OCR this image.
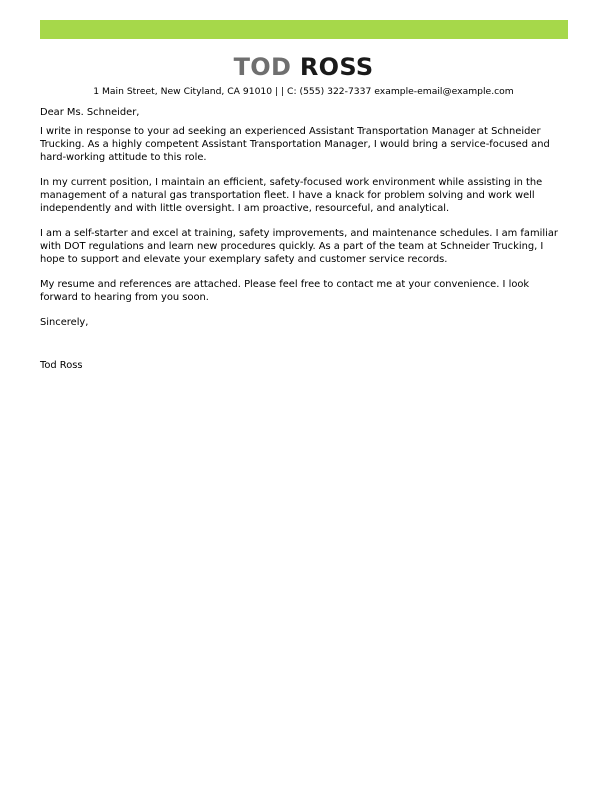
TOD ROSS
1 Main Street, New Cityland, CA 91010 | | C: (555) 322-7337 example-email@example.com

Dear Ms. Schneider,

I write in response to your ad seeking an experienced Assistant Transportation Manager at Schneider Trucking. As a highly competent Assistant Transportation Manager, I would bring a service-focused and hard-working attitude to this role.

In my current position, I maintain an efficient, safety-focused work environment while assisting in the management of a natural gas transportation fleet. I have a knack for problem solving and work well independently and with little oversight. I am proactive, resourceful, and analytical.

I am a self-starter and excel at training, safety improvements, and maintenance schedules. I am familiar with DOT regulations and learn new procedures quickly. As a part of the team at Schneider Trucking, I hope to support and elevate your exemplary safety and customer service records.

My resume and references are attached. Please feel free to contact me at your convenience. I look forward to hearing from you soon.

Sincerely,

Tod Ross
